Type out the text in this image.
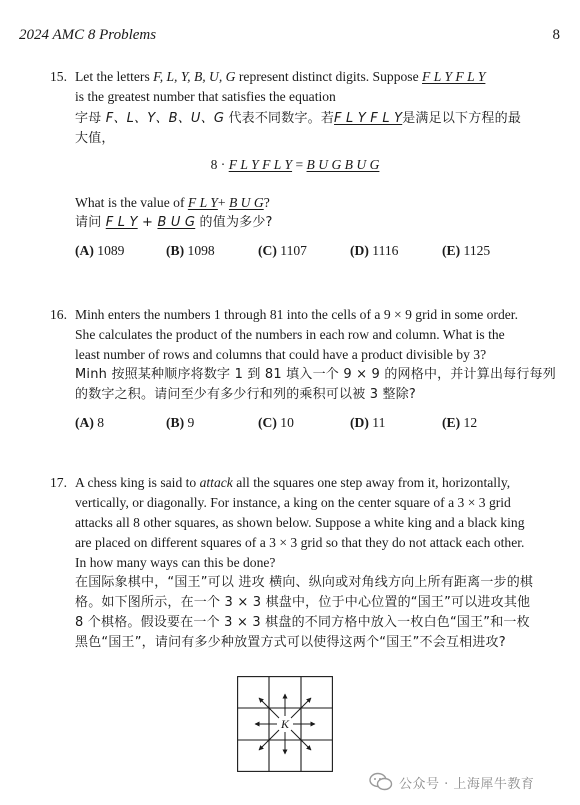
2024 AMC 8 Problems	8
15. Let the letters F, L, Y, B, U, G represent distinct digits. Suppose F L Y F L Y
is the greatest number that satisfies the equation
字母 F、L、Y、B、U、G 代表不同数字。若F L Y F L Y是满足以下方程的最
大值，
8 · F L Y F L Y = B U G B U G
What is the value of F L Y+ B U G?
请问 F L Y + B U G 的值为多少?
(A) 1089	(B) 1098	(C) 1107	(D) 1116	(E) 1125
16. Minh enters the numbers 1 through 81 into the cells of a 9 × 9 grid in some order.
She calculates the product of the numbers in each row and column. What is the
least number of rows and columns that could have a product divisible by 3?
Minh 按照某种顺序将数字 1 到 81 填入一个 9 × 9 的网格中，并计算出每行每列
的数字之积。请问至少有多少行和列的乘积可以被 3 整除?
(A) 8	(B) 9	(C) 10	(D) 11	(E) 12
17. A chess king is said to attack all the squares one step away from it, horizontally,
vertically, or diagonally. For instance, a king on the center square of a 3 × 3 grid
attacks all 8 other squares, as shown below. Suppose a white king and a black king
are placed on different squares of a 3 × 3 grid so that they do not attack each other.
In how many ways can this be done?
在国际象棋中，“国王”可以 进攻 横向、纵向或对角线方向上所有距离一步的棋
格。如下图所示，在一个 3 × 3 棋盘中，位于中心位置的“国王”可以进攻其他
8 个棋格。假设要在一个 3 × 3 棋盘的不同方格中放入一枚白色“国王”和一枚
黑色“国王”，请问有多少种放置方式可以使得这两个“国王”不会互相进攻?
K
公众号 · 上海犀牛教育
